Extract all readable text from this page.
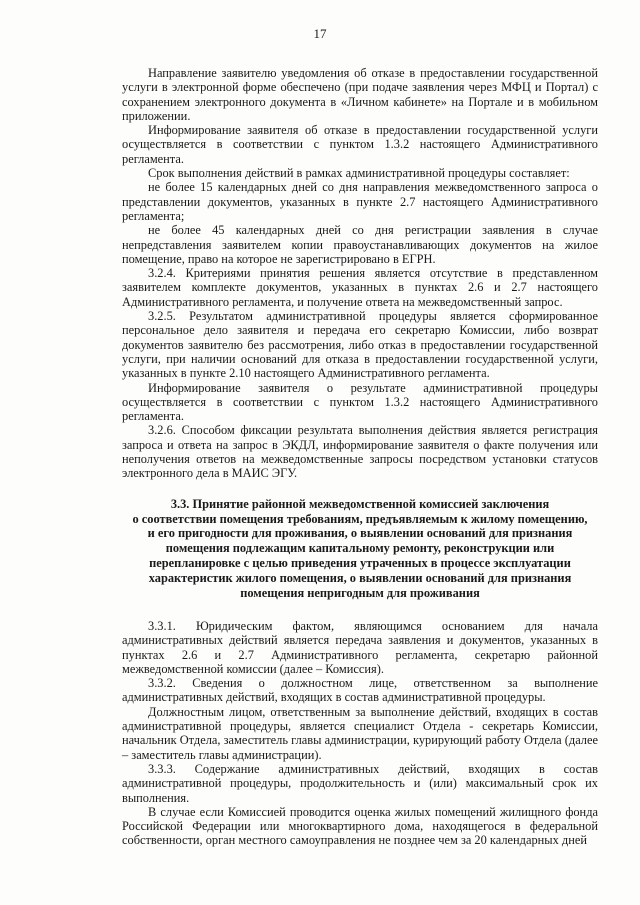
17

Направление заявителю уведомления об отказе в предоставлении государственной услуги в электронной форме обеспечено (при подаче заявления через МФЦ и Портал) с сохранением электронного документа в «Личном кабинете» на Портале и в мобильном приложении.

Информирование заявителя об отказе в предоставлении государственной услуги осуществляется в соответствии с пунктом 1.3.2 настоящего Административного регламента.

Срок выполнения действий в рамках административной процедуры составляет:

не более 15 календарных дней со дня направления межведомственного запроса о представлении документов, указанных в пункте 2.7 настоящего Административного регламента;

не более 45 календарных дней со дня регистрации заявления в случае непредставления заявителем копии правоустанавливающих документов на жилое помещение, право на которое не зарегистрировано в ЕГРН.

3.2.4. Критериями принятия решения является отсутствие в представленном заявителем комплекте документов, указанных в пунктах 2.6 и 2.7 настоящего Административного регламента, и получение ответа на межведомственный запрос.

3.2.5. Результатом административной процедуры является сформированное персональное дело заявителя и передача его секретарю Комиссии, либо возврат документов заявителю без рассмотрения, либо отказ в предоставлении государственной услуги, при наличии оснований для отказа в предоставлении государственной услуги, указанных в пункте 2.10 настоящего Административного регламента.

Информирование заявителя о результате административной процедуры осуществляется в соответствии с пунктом 1.3.2 настоящего Административного регламента.

3.2.6. Способом фиксации результата выполнения действия является регистрация запроса и ответа на запрос в ЭКДЛ, информирование заявителя о факте получения или неполучения ответов на межведомственные запросы посредством установки статусов электронного дела в МАИС ЭГУ.

3.3. Принятие районной межведомственной комиссией заключения
о соответствии помещения требованиям, предъявляемым к жилому помещению,
и его пригодности для проживания, о выявлении оснований для признания
помещения подлежащим капитальному ремонту, реконструкции или
перепланировке с целью приведения утраченных в процессе эксплуатации
характеристик жилого помещения, о выявлении оснований для признания
помещения непригодным для проживания

3.3.1. Юридическим фактом, являющимся основанием для начала административных действий является передача заявления и документов, указанных в пунктах 2.6 и 2.7 Административного регламента, секретарю районной межведомственной комиссии (далее – Комиссия).

3.3.2. Сведения о должностном лице, ответственном за выполнение административных действий, входящих в состав административной процедуры.

Должностным лицом, ответственным за выполнение действий, входящих в состав административной процедуры, является специалист Отдела - секретарь Комиссии, начальник Отдела, заместитель главы администрации, курирующий работу Отдела (далее – заместитель главы администрации).

3.3.3. Содержание административных действий, входящих в состав административной процедуры, продолжительность и (или) максимальный срок их выполнения.

В случае если Комиссией проводится оценка жилых помещений жилищного фонда Российской Федерации или многоквартирного дома, находящегося в федеральной собственности, орган местного самоуправления не позднее чем за 20 календарных дней
